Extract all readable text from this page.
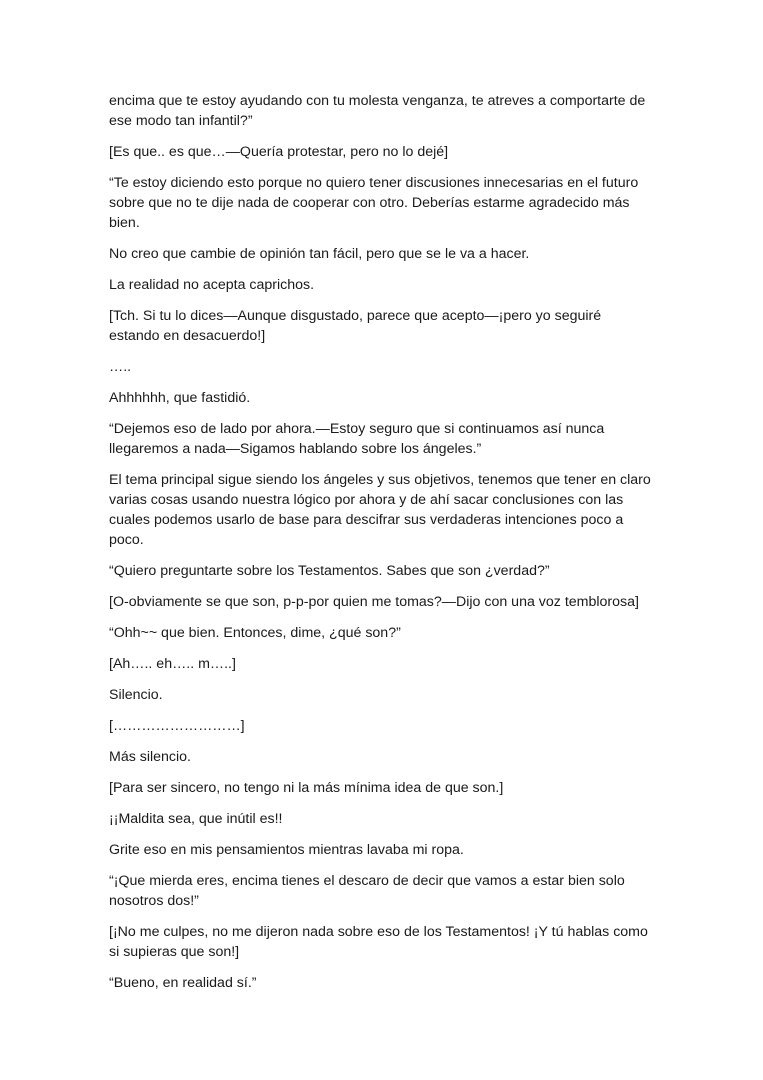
encima que te estoy ayudando con tu molesta venganza, te atreves a comportarte de ese modo tan infantil?”

[Es que.. es que…—Quería protestar, pero no lo dejé]

“Te estoy diciendo esto porque no quiero tener discusiones innecesarias en el futuro sobre que no te dije nada de cooperar con otro. Deberías estarme agradecido más bien.

No creo que cambie de opinión tan fácil, pero que se le va a hacer.

La realidad no acepta caprichos.

[Tch. Si tu lo dices—Aunque disgustado, parece que acepto—¡pero yo seguiré estando en desacuerdo!]

…..

Ahhhhhh, que fastidió.

“Dejemos eso de lado por ahora.—Estoy seguro que si continuamos así nunca llegaremos a nada—Sigamos hablando sobre los ángeles.”

El tema principal sigue siendo los ángeles y sus objetivos, tenemos que tener en claro varias cosas usando nuestra lógico por ahora y de ahí sacar conclusiones con las cuales podemos usarlo de base para descifrar sus verdaderas intenciones poco a poco.

“Quiero preguntarte sobre los Testamentos. Sabes que son ¿verdad?”

[O-obviamente se que son, p-p-por quien me tomas?—Dijo con una voz temblorosa]

“Ohh~~ que bien. Entonces, dime, ¿qué son?”

[Ah….. eh….. m…..]

Silencio.

[………………………]

Más silencio.

[Para ser sincero, no tengo ni la más mínima idea de que son.]

¡¡Maldita sea, que inútil es!!

Grite eso en mis pensamientos mientras lavaba mi ropa.

“¡Que mierda eres, encima tienes el descaro de decir que vamos a estar bien solo nosotros dos!”

[¡No me culpes, no me dijeron nada sobre eso de los Testamentos! ¡Y tú hablas como si supieras que son!]

“Bueno, en realidad sí.”
